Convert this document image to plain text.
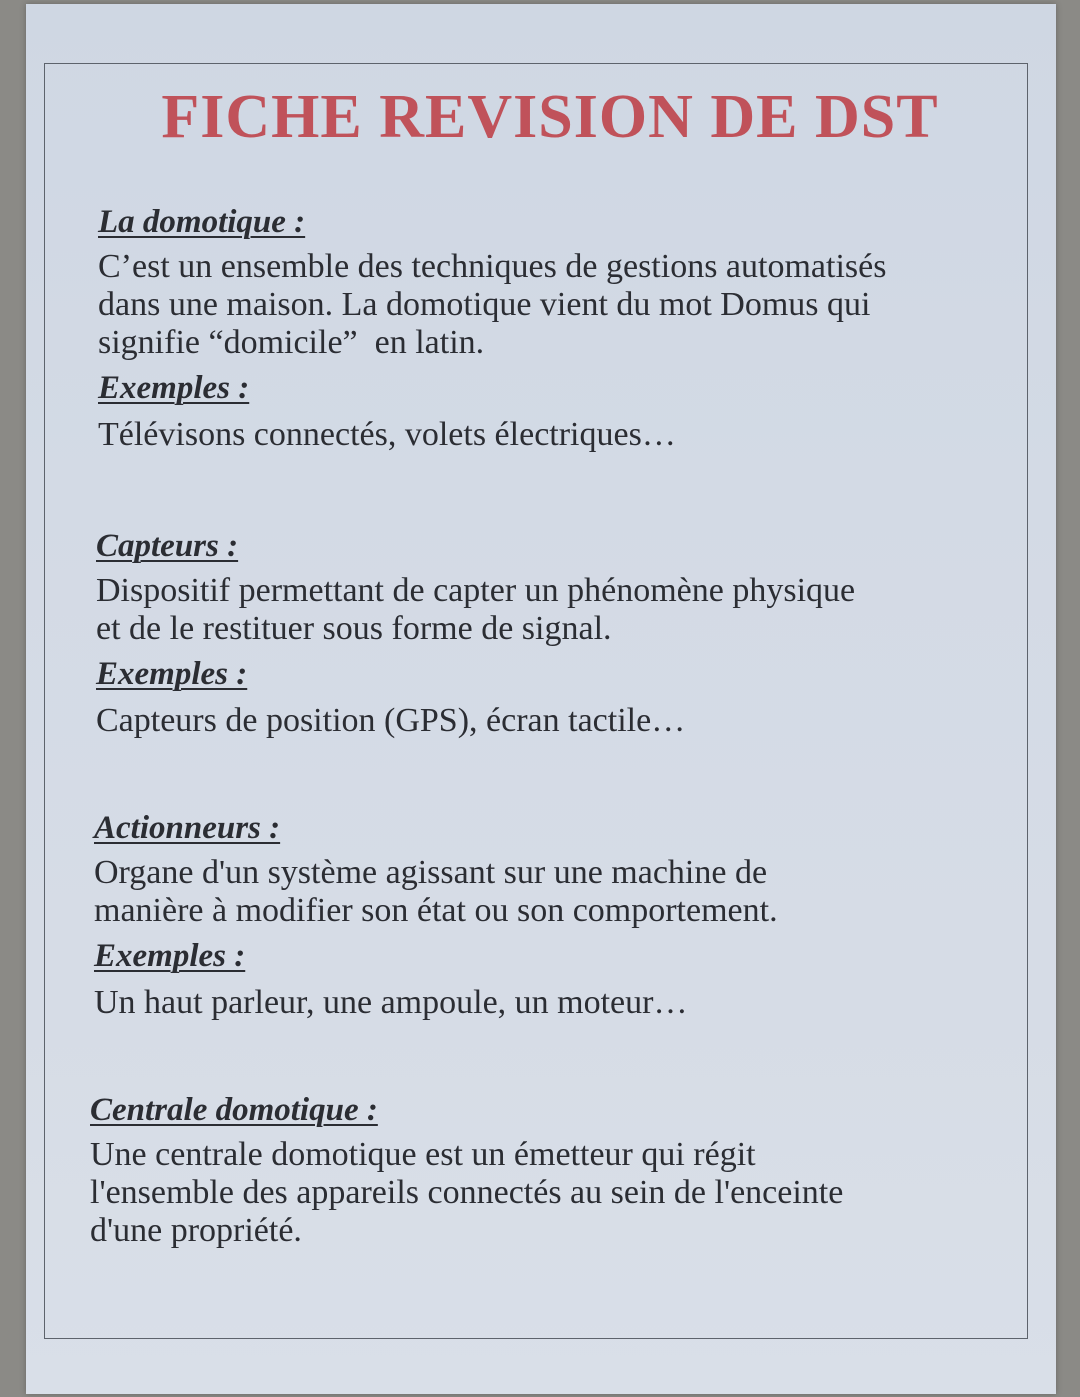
FICHE REVISION DE DST

La domotique :

C’est un ensemble des techniques de gestions automatisés
dans une maison. La domotique vient du mot Domus qui
signifie “domicile”  en latin.

Exemples :

Télévisons connectés, volets électriques…

Capteurs :

Dispositif permettant de capter un phénomène physique
et de le restituer sous forme de signal.

Exemples :

Capteurs de position (GPS), écran tactile…

Actionneurs :

Organe d'un système agissant sur une machine de
manière à modifier son état ou son comportement.

Exemples :

Un haut parleur, une ampoule, un moteur…

Centrale domotique :

Une centrale domotique est un émetteur qui régit
l'ensemble des appareils connectés au sein de l'enceinte
d'une propriété.
